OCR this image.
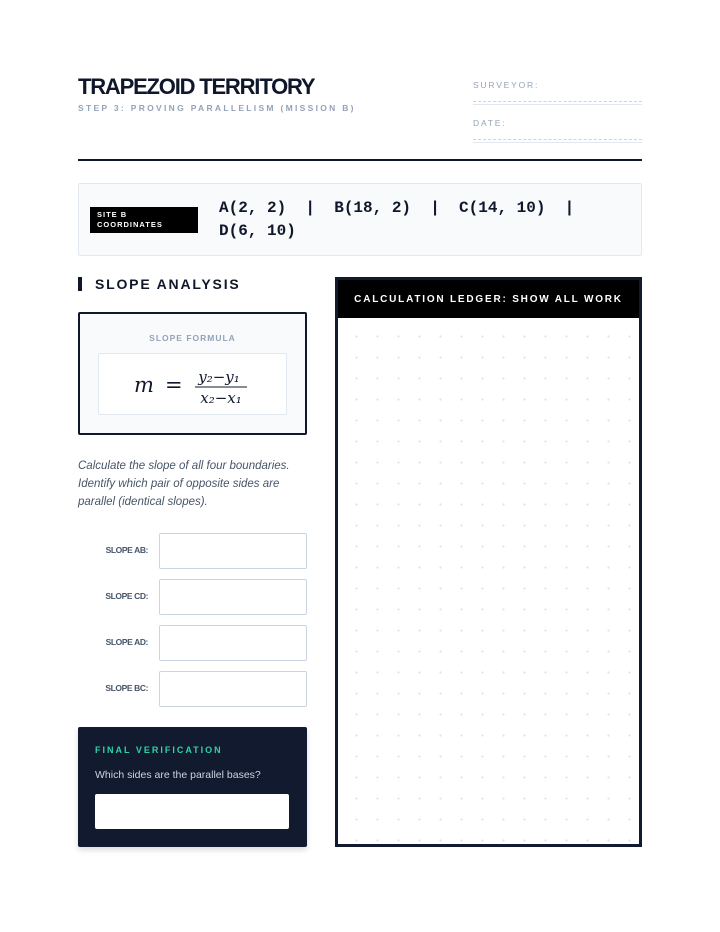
TRAPEZOID TERRITORY
STEP 3: PROVING PARALLELISM (MISSION B)
SURVEYOR:
DATE:
SITE B COORDINATES
A(2, 2)  |  B(18, 2)  |  C(14, 10)  |  D(6, 10)
SLOPE ANALYSIS
SLOPE FORMULA
m = y₂−y₁
x₂−x₁
Calculate the slope of all four boundaries. Identify which pair of opposite sides are parallel (identical slopes).
SLOPE AB:
SLOPE CD:
SLOPE AD:
SLOPE BC:
FINAL VERIFICATION
Which sides are the parallel bases?
CALCULATION LEDGER: SHOW ALL WORK
